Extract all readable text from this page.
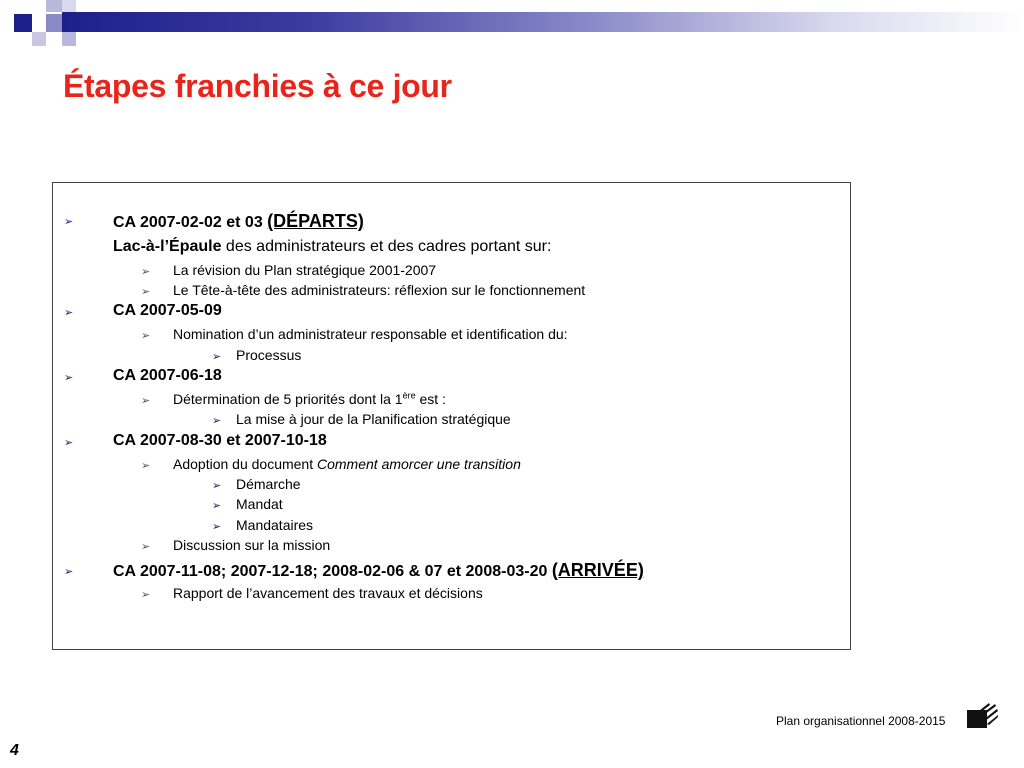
Étapes franchies à ce jour
➢ CA 2007-02-02 et 03 (DÉPARTS)
Lac-à-l’Épaule des administrateurs et des cadres portant sur:
➢ La révision du Plan stratégique 2001-2007
➢ Le Tête-à-tête des administrateurs: réflexion sur le fonctionnement
➢ CA 2007-05-09
➢ Nomination d’un administrateur responsable et identification du:
➢ Processus
➢ CA 2007-06-18
➢ Détermination de 5 priorités dont la 1ère est :
➢ La mise à jour de la Planification stratégique
➢ CA 2007-08-30 et 2007-10-18
➢ Adoption du document Comment amorcer une transition
➢ Démarche
➢ Mandat
➢ Mandataires
➢ Discussion sur la mission
➢ CA 2007-11-08; 2007-12-18; 2008-02-06 & 07 et 2008-03-20 (ARRIVÉE)
➢ Rapport de l’avancement des travaux et décisions
Plan organisationnel 2008-2015
4
